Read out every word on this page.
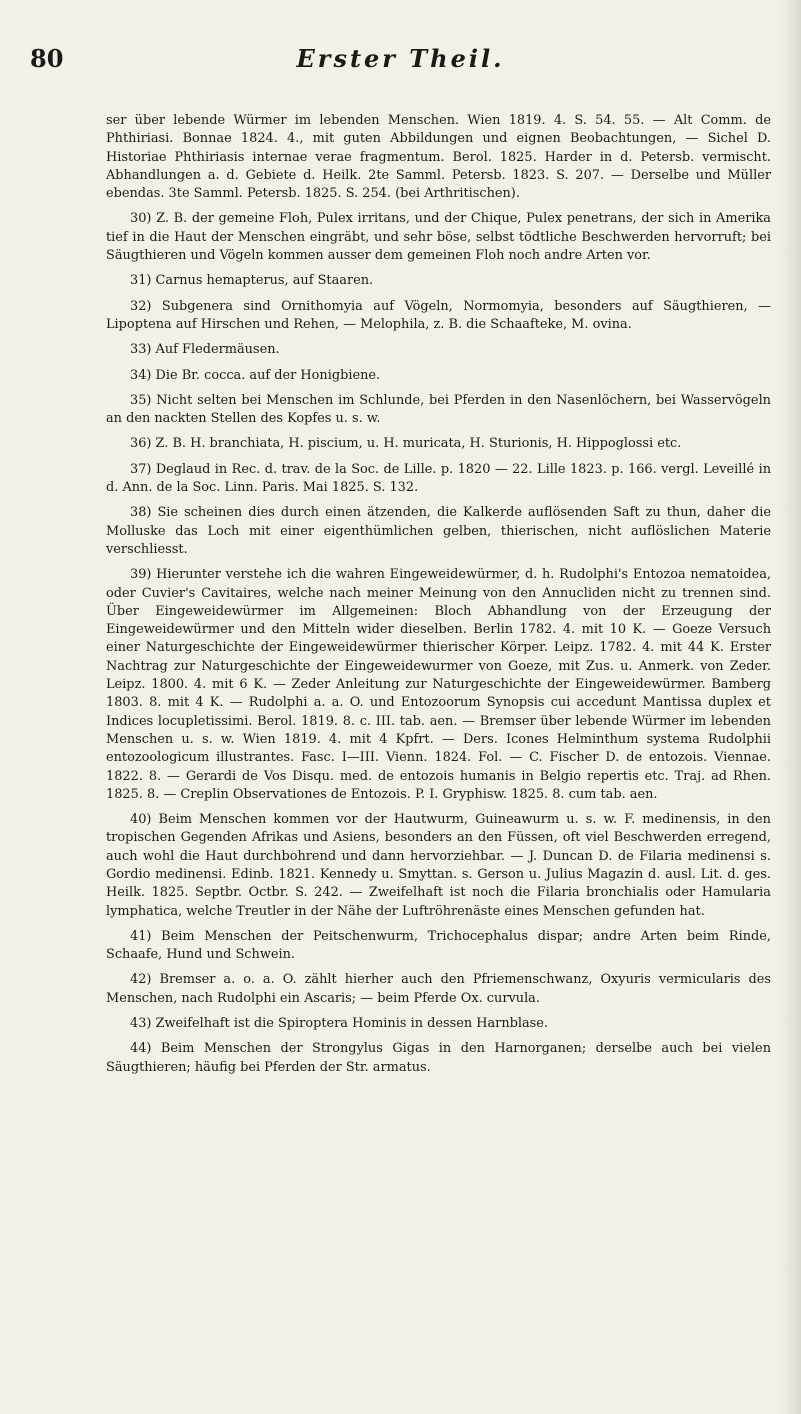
80	Erster Theil.

ser über lebende Würmer im lebenden Menschen. Wien 1819. 4. S. 54. 55. — Alt Comm. de Phthiriasi. Bonnae 1824. 4., mit guten Abbildungen und eignen Beobachtungen, — Sichel D. Historiae Phthiriasis internae verae fragmentum. Berol. 1825. Harder in d. Petersb. vermischt. Abhandlungen a. d. Gebiete d. Heilk. 2te Samml. Petersb. 1823. S. 207. — Derselbe und Müller ebendas. 3te Samml. Petersb. 1825. S. 254. (bei Arthritischen).

30) Z. B. der gemeine Floh, Pulex irritans, und der Chique, Pulex penetrans, der sich in Amerika tief in die Haut der Menschen eingräbt, und sehr böse, selbst tödtliche Beschwerden hervorruft; bei Säugthieren und Vögeln kommen ausser dem gemeinen Floh noch andre Arten vor.

31) Carnus hemapterus, auf Staaren.

32) Subgenera sind Ornithomyia auf Vögeln, Normomyia, besonders auf Säugthieren, — Lipoptena auf Hirschen und Rehen, — Melophila, z. B. die Schaafteke, M. ovina.

33) Auf Fledermäusen.

34) Die Br. cocca. auf der Honigbiene.

35) Nicht selten bei Menschen im Schlunde, bei Pferden in den Nasenlöchern, bei Wasservögeln an den nackten Stellen des Kopfes u. s. w.

36) Z. B. H. branchiata, H. piscium, u. H. muricata, H. Sturionis, H. Hippoglossi etc.

37) Deglaud in Rec. d. trav. de la Soc. de Lille. p. 1820 — 22. Lille 1823. p. 166. vergl. Leveillé in d. Ann. de la Soc. Linn. Paris. Mai 1825. S. 132.

38) Sie scheinen dies durch einen ätzenden, die Kalkerde auflösenden Saft zu thun, daher die Molluske das Loch mit einer eigenthümlichen gelben, thierischen, nicht auflöslichen Materie verschliesst.

39) Hierunter verstehe ich die wahren Eingeweidewürmer, d. h. Rudolphi's Entozoa nematoidea, oder Cuvier's Cavitaires, welche nach meiner Meinung von den Annucliden nicht zu trennen sind. Über Eingeweidewürmer im Allgemeinen: Bloch Abhandlung von der Erzeugung der Eingeweidewürmer und den Mitteln wider dieselben. Berlin 1782. 4. mit 10 K. — Goeze Versuch einer Naturgeschichte der Eingeweidewürmer thierischer Körper. Leipz. 1782. 4. mit 44 K. Erster Nachtrag zur Naturgeschichte der Eingeweidewurmer von Goeze, mit Zus. u. Anmerk. von Zeder. Leipz. 1800. 4. mit 6 K. — Zeder Anleitung zur Naturgeschichte der Eingeweidewürmer. Bamberg 1803. 8. mit 4 K. — Rudolphi a. a. O. und Entozoorum Synopsis cui accedunt Mantissa duplex et Indices locupletissimi. Berol. 1819. 8. c. III. tab. aen. — Bremser über lebende Würmer im lebenden Menschen u. s. w. Wien 1819. 4. mit 4 Kpfrt. — Ders. Icones Helminthum systema Rudolphii entozoologicum illustrantes. Fasc. I—III. Vienn. 1824. Fol. — C. Fischer D. de entozois. Viennae. 1822. 8. — Gerardi de Vos Disqu. med. de entozois humanis in Belgio repertis etc. Traj. ad Rhen. 1825. 8. — Creplin Observationes de Entozois. P. I. Gryphisw. 1825. 8. cum tab. aen.

40) Beim Menschen kommen vor der Hautwurm, Guineawurm u. s. w. F. medinensis, in den tropischen Gegenden Afrikas und Asiens, besonders an den Füssen, oft viel Beschwerden erregend, auch wohl die Haut durchbohrend und dann hervorziehbar. — J. Duncan D. de Filaria medinensi s. Gordio medinensi. Edinb. 1821. Kennedy u. Smyttan. s. Gerson u. Julius Magazin d. ausl. Lit. d. ges. Heilk. 1825. Septbr. Octbr. S. 242. — Zweifelhaft ist noch die Filaria bronchialis oder Hamularia lymphatica, welche Treutler in der Nähe der Luftröhrenäste eines Menschen gefunden hat.

41) Beim Menschen der Peitschenwurm, Trichocephalus dispar; andre Arten beim Rinde, Schaafe, Hund und Schwein.

42) Bremser a. o. a. O. zählt hierher auch den Pfriemenschwanz, Oxyuris vermicularis des Menschen, nach Rudolphi ein Ascaris; — beim Pferde Ox. curvula.

43) Zweifelhaft ist die Spiroptera Hominis in dessen Harnblase.

44) Beim Menschen der Strongylus Gigas in den Harnorganen; derselbe auch bei vielen Säugthieren; häufig bei Pferden der Str. armatus.
